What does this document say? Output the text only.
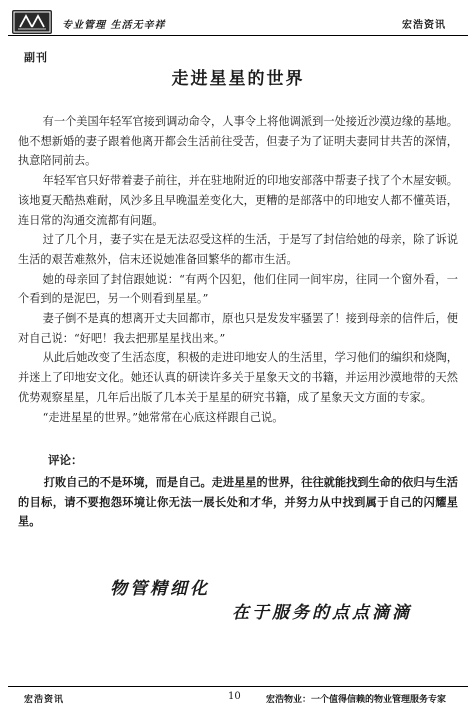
专业管理 生活无辛祥	宏浩资讯
副刊
走进星星的世界

有一个美国年轻军官接到调动命令，人事令上将他调派到一处接近沙漠边缘的基地。他不想新婚的妻子跟着他离开都会生活前往受苦，但妻子为了证明夫妻同甘共苦的深情，执意陪同前去。

年轻军官只好带着妻子前往，并在驻地附近的印地安部落中帮妻子找了个木屋安顿。该地夏天酷热难耐，风沙多且早晚温差变化大，更糟的是部落中的印地安人都不懂英语，连日常的沟通交流都有问题。

过了几个月，妻子实在是无法忍受这样的生活，于是写了封信给她的母亲，除了诉说生活的艰苦难熬外，信末还说她准备回繁华的都市生活。

她的母亲回了封信跟她说：“有两个囚犯，他们住同一间牢房，往同一个窗外看，一个看到的是泥巴，另一个则看到星星。”

妻子倒不是真的想离开丈夫回都市，原也只是发发牢骚罢了！接到母亲的信件后，便对自己说：“好吧！我去把那星星找出来。”

从此后她改变了生活态度，积极的走进印地安人的生活里，学习他们的编织和烧陶，并迷上了印地安文化。她还认真的研读许多关于星象天文的书籍，并运用沙漠地带的天然优势观察星星，几年后出版了几本关于星星的研究书籍，成了星象天文方面的专家。

“走进星星的世界。”她常常在心底这样跟自己说。

评论：
打败自己的不是环境，而是自己。走进星星的世界，往往就能找到生命的依归与生活的目标，请不要抱怨环境让你无法一展长处和才华，并努力从中找到属于自己的闪耀星星。
物管精细化
在于服务的点点滴滴
宏浩资讯	10	宏浩物业：一个值得信赖的物业管理服务专家
